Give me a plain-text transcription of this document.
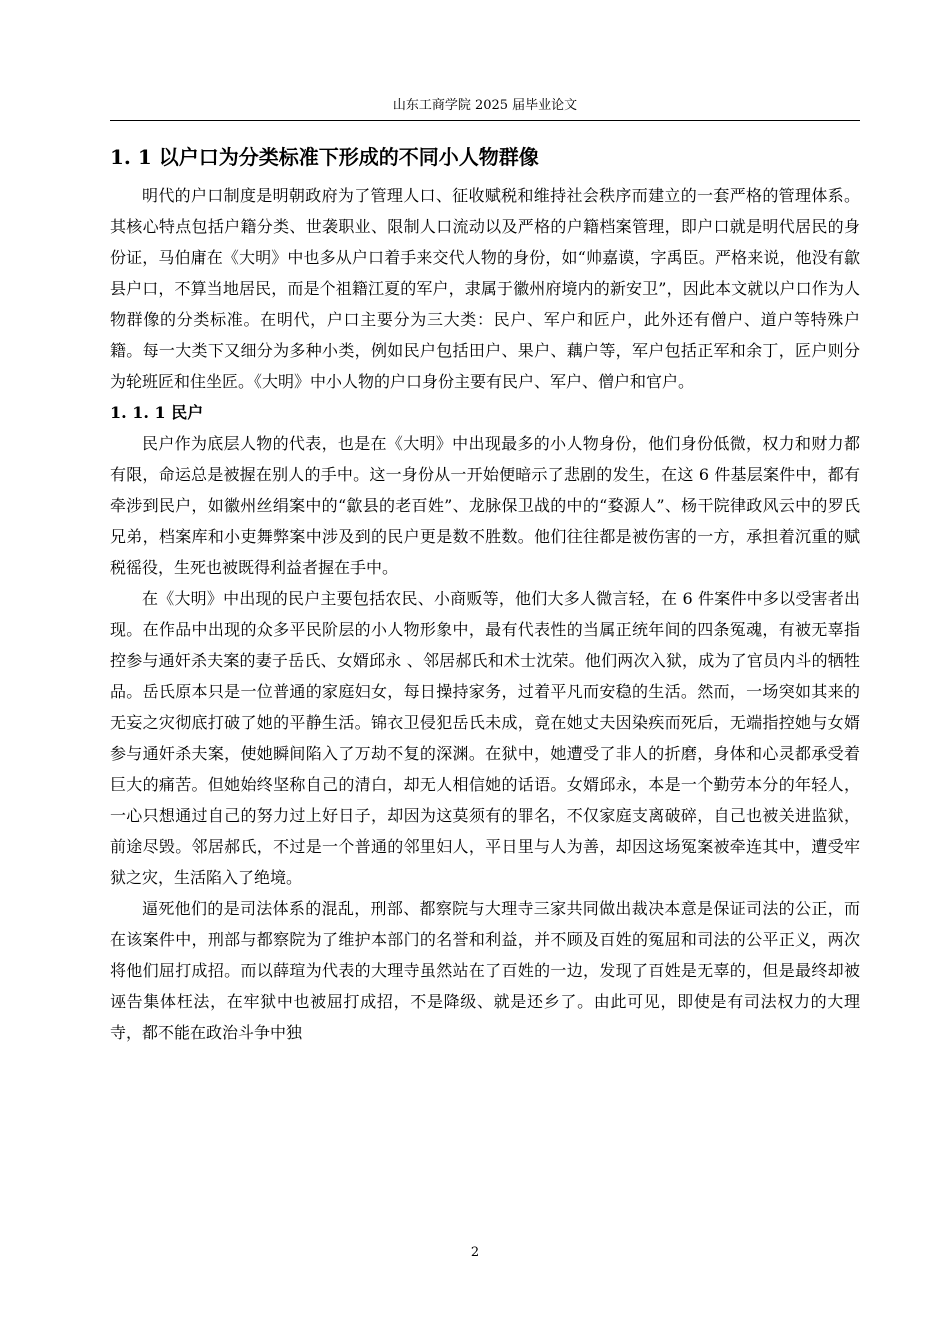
山东工商学院 2025 届毕业论文
1. 1 以户口为分类标准下形成的不同小人物群像

明代的户口制度是明朝政府为了管理人口、征收赋税和维持社会秩序而建立的一套严格的管理体系。其核心特点包括户籍分类、世袭职业、限制人口流动以及严格的户籍档案管理，即户口就是明代居民的身份证，马伯庸在《大明》中也多从户口着手来交代人物的身份，如“帅嘉谟，字禹臣。严格来说，他没有歙县户口，不算当地居民，而是个祖籍江夏的军户，隶属于徽州府境内的新安卫”，因此本文就以户口作为人物群像的分类标准。在明代，户口主要分为三大类：民户、军户和匠户，此外还有僧户、道户等特殊户籍。每一大类下又细分为多种小类，例如民户包括田户、果户、藕户等，军户包括正军和余丁，匠户则分为轮班匠和住坐匠。《大明》中小人物的户口身份主要有民户、军户、僧户和官户。

1. 1. 1 民户

民户作为底层人物的代表，也是在《大明》中出现最多的小人物身份，他们身份低微，权力和财力都有限，命运总是被握在别人的手中。这一身份从一开始便暗示了悲剧的发生，在这 6 件基层案件中，都有牵涉到民户，如徽州丝绢案中的“歙县的老百姓”、龙脉保卫战的中的“婺源人”、杨干院律政风云中的罗氏兄弟，档案库和小吏舞弊案中涉及到的民户更是数不胜数。他们往往都是被伤害的一方，承担着沉重的赋税徭役，生死也被既得利益者握在手中。

在《大明》中出现的民户主要包括农民、小商贩等，他们大多人微言轻，在 6 件案件中多以受害者出现。在作品中出现的众多平民阶层的小人物形象中，最有代表性的当属正统年间的四条冤魂，有被无辜指控参与通奸杀夫案的妻子岳氏、女婿邱永 、邻居郝氏和术士沈荣。他们两次入狱，成为了官员内斗的牺牲品。岳氏原本只是一位普通的家庭妇女，每日操持家务，过着平凡而安稳的生活。然而，一场突如其来的无妄之灾彻底打破了她的平静生活。锦衣卫侵犯岳氏未成，竟在她丈夫因染疾而死后，无端指控她与女婿参与通奸杀夫案，使她瞬间陷入了万劫不复的深渊。在狱中，她遭受了非人的折磨，身体和心灵都承受着巨大的痛苦。但她始终坚称自己的清白，却无人相信她的话语。女婿邱永，本是一个勤劳本分的年轻人，一心只想通过自己的努力过上好日子，却因为这莫须有的罪名，不仅家庭支离破碎，自己也被关进监狱，前途尽毁。邻居郝氏，不过是一个普通的邻里妇人，平日里与人为善，却因这场冤案被牵连其中，遭受牢狱之灾，生活陷入了绝境。

逼死他们的是司法体系的混乱，刑部、都察院与大理寺三家共同做出裁决本意是保证司法的公正，而在该案件中，刑部与都察院为了维护本部门的名誉和利益，并不顾及百姓的冤屈和司法的公平正义，两次将他们屈打成招。而以薛瑄为代表的大理寺虽然站在了百姓的一边，发现了百姓是无辜的，但是最终却被诬告集体枉法，在牢狱中也被屈打成招，不是降级、就是还乡了。由此可见，即使是有司法权力的大理寺，都不能在政治斗争中独

2
